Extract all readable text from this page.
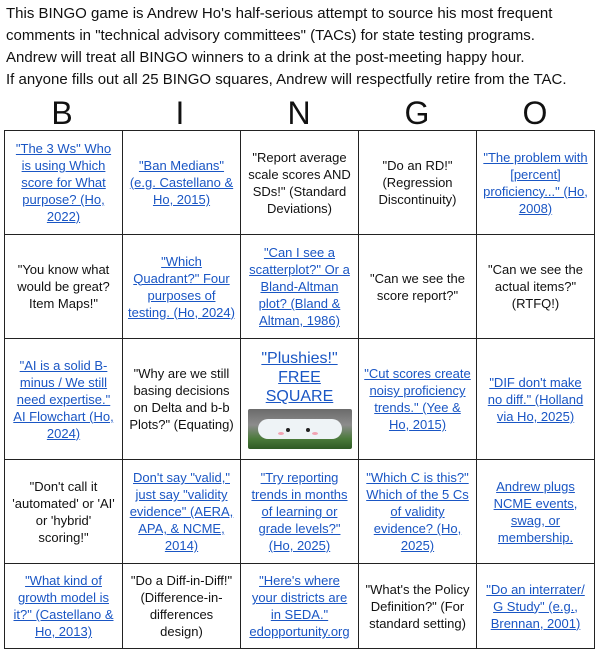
This BINGO game is Andrew Ho's half-serious attempt to source his most frequent

comments in "technical advisory committees" (TACs) for state testing programs.

Andrew will treat all BINGO winners to a drink at the post-meeting happy hour.

If anyone fills out all 25 BINGO squares, Andrew will respectfully retire from the TAC.

B	I	N	G	O
"The 3 Ws" Who is using Which score for What purpose? (Ho, 2022)	"Ban Medians" (e.g. Castellano & Ho, 2015)	"Report average scale scores AND SDs!" (Standard Deviations)	"Do an RD!" (Regression Discontinuity)	"The problem with [percent] proficiency..." (Ho, 2008)
"You know what would be great? Item Maps!"	"Which Quadrant?" Four purposes of testing. (Ho, 2024)	"Can I see a scatterplot?" Or a Bland-Altman plot? (Bland & Altman, 1986)	"Can we see the score report?"	"Can we see the actual items?" (RTFQ!)
"AI is a solid B-minus / We still need expertise." AI Flowchart (Ho, 2024)	"Why are we still basing decisions on Delta and b-b Plots?" (Equating)	"Plushies!" FREE SQUARE	"Cut scores create noisy proficiency trends." (Yee & Ho, 2015)	"DIF don't make no diff." (Holland via Ho, 2025)
"Don't call it 'automated' or 'AI' or 'hybrid' scoring!"	Don't say "valid," just say "validity evidence" (AERA, APA, & NCME, 2014)	"Try reporting trends in months of learning or grade levels?" (Ho, 2025)	"Which C is this?" Which of the 5 Cs of validity evidence? (Ho, 2025)	Andrew plugs NCME events, swag, or membership.
"What kind of growth model is it?" (Castellano & Ho, 2013)	"Do a Diff-in-Diff!" (Difference-in-differences design)	"Here's where your districts are in SEDA." edopportunity.org	"What's the Policy Definition?" (For standard setting)	"Do an interrater/ G Study" (e.g., Brennan, 2001)
